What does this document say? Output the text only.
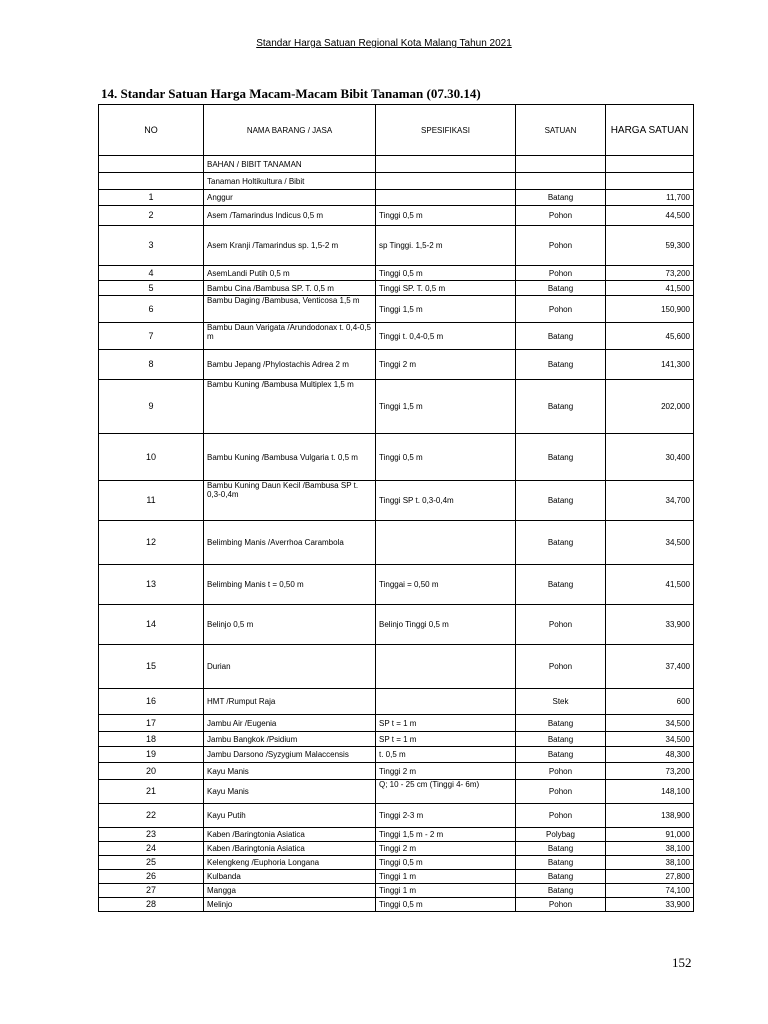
Standar Harga Satuan Regional Kota Malang Tahun 2021
14. Standar Satuan Harga Macam-Macam Bibit Tanaman (07.30.14)
NO	NAMA BARANG / JASA	SPESIFIKASI	SATUAN	HARGA SATUAN
	BAHAN / BIBIT TANAMAN			
	Tanaman Holtikultura / Bibit			
1	Anggur		Batang	11,700
2	Asem /Tamarindus Indicus 0,5 m	Tinggi 0,5 m	Pohon	44,500
3	Asem Kranji /Tamarindus sp. 1,5-2 m	sp Tinggi. 1,5-2 m	Pohon	59,300
4	AsemLandi Putih 0,5 m	Tinggi 0,5 m	Pohon	73,200
5	Bambu Cina /Bambusa SP. T. 0,5 m	Tinggi SP. T. 0,5 m	Batang	41,500
6	Bambu Daging /Bambusa, Venticosa 1,5 m	Tinggi 1,5 m	Pohon	150,900
7	Bambu Daun Varigata /Arundodonax t. 0,4-0,5 m	Tinggi t. 0,4-0,5 m	Batang	45,600
8	Bambu Jepang /Phylostachis Adrea 2 m	Tinggi 2 m	Batang	141,300
9	Bambu Kuning /Bambusa Multiplex 1,5 m	Tinggi 1,5 m	Batang	202,000
10	Bambu Kuning /Bambusa Vulgaria t. 0,5 m	Tinggi 0,5 m	Batang	30,400
11	Bambu Kuning Daun Kecil /Bambusa SP t. 0,3-0,4m	Tinggi SP t. 0,3-0,4m	Batang	34,700
12	Belimbing Manis /Averrhoa Carambola		Batang	34,500
13	Belimbing Manis t = 0,50 m	Tinggai = 0,50 m	Batang	41,500
14	Belinjo 0,5 m	Belinjo Tinggi 0,5 m	Pohon	33,900
15	Durian		Pohon	37,400
16	HMT /Rumput Raja		Stek	600
17	Jambu Air /Eugenia	SP t = 1 m	Batang	34,500
18	Jambu Bangkok /Psidium	SP t = 1 m	Batang	34,500
19	Jambu Darsono /Syzygium Malaccensis	t. 0,5 m	Batang	48,300
20	Kayu Manis	Tinggi 2 m	Pohon	73,200
21	Kayu Manis	Q; 10 - 25 cm (Tinggi 4- 6m)	Pohon	148,100
22	Kayu Putih	Tinggi 2-3 m	Pohon	138,900
23	Kaben /Baringtonia Asiatica	Tinggi 1,5 m - 2 m	Polybag	91,000
24	Kaben /Baringtonia Asiatica	Tinggi 2 m	Batang	38,100
25	Kelengkeng /Euphoria Longana	Tinggi 0,5 m	Batang	38,100
26	Kulbanda	Tinggi 1 m	Batang	27,800
27	Mangga	Tinggi 1 m	Batang	74,100
28	Melinjo	Tinggi 0,5 m	Pohon	33,900
152
